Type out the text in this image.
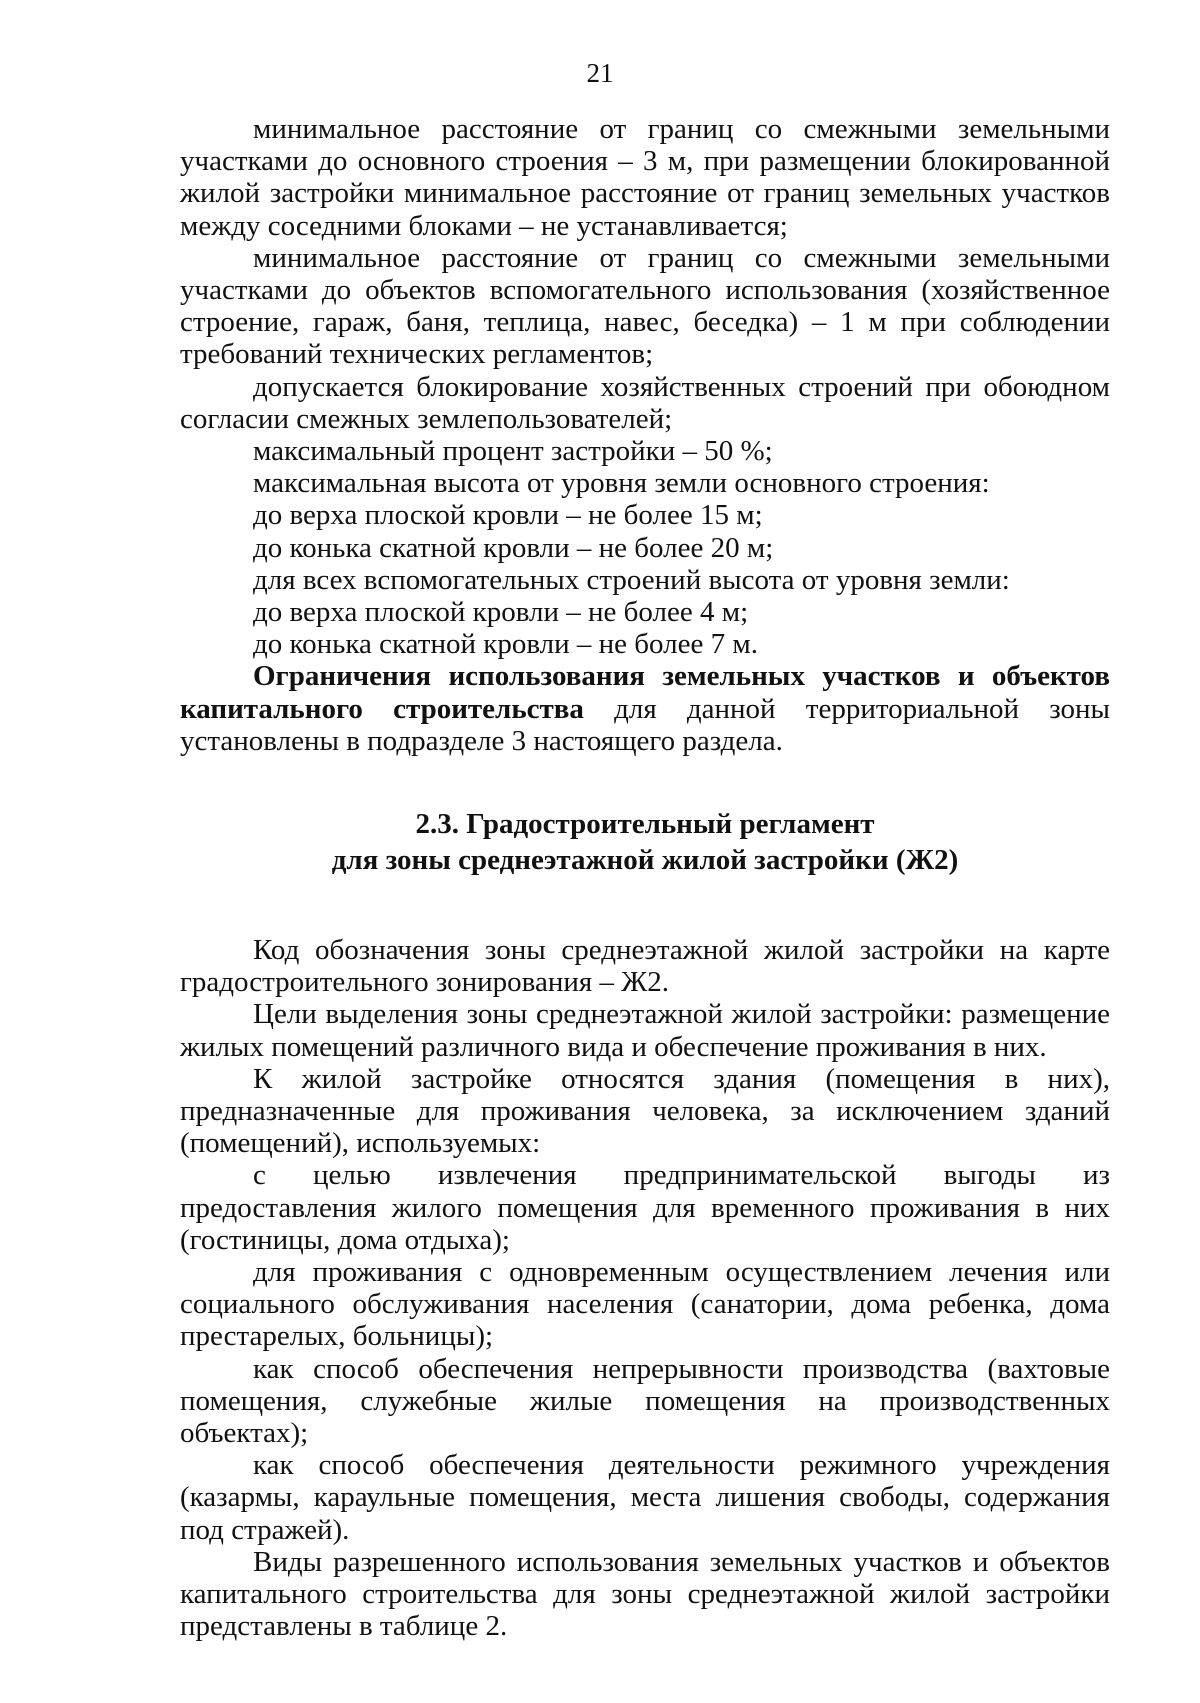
21

минимальное расстояние от границ со смежными земельными участками до основного строения – 3 м, при размещении блокированной жилой застройки минимальное расстояние от границ земельных участков между соседними блоками – не устанавливается;

минимальное расстояние от границ со смежными земельными участками до объектов вспомогательного использования (хозяйственное строение, гараж, баня, теплица, навес, беседка) – 1 м при соблюдении требований технических регламентов;

допускается блокирование хозяйственных строений при обоюдном согласии смежных землепользователей;

максимальный процент застройки – 50 %;

максимальная высота от уровня земли основного строения:

до верха плоской кровли – не более 15 м;

до конька скатной кровли – не более 20 м;

для всех вспомогательных строений высота от уровня земли:

до верха плоской кровли – не более 4 м;

до конька скатной кровли – не более 7 м.

Ограничения использования земельных участков и объектов капитального строительства для данной территориальной зоны установлены в подразделе 3 настоящего раздела.

2.3. Градостроительный регламент
для зоны среднеэтажной жилой застройки (Ж2)

Код обозначения зоны среднеэтажной жилой застройки на карте градостроительного зонирования – Ж2.

Цели выделения зоны среднеэтажной жилой застройки: размещение жилых помещений различного вида и обеспечение проживания в них.

К жилой застройке относятся здания (помещения в них), предназначенные для проживания человека, за исключением зданий (помещений), используемых:

с целью извлечения предпринимательской выгоды из предоставления жилого помещения для временного проживания в них (гостиницы, дома отдыха);

для проживания с одновременным осуществлением лечения или социального обслуживания населения (санатории, дома ребенка, дома престарелых, больницы);

как способ обеспечения непрерывности производства (вахтовые помещения, служебные жилые помещения на производственных объектах);

как способ обеспечения деятельности режимного учреждения (казармы, караульные помещения, места лишения свободы, содержания под стражей).

Виды разрешенного использования земельных участков и объектов капитального строительства для зоны среднеэтажной жилой застройки представлены в таблице 2.
